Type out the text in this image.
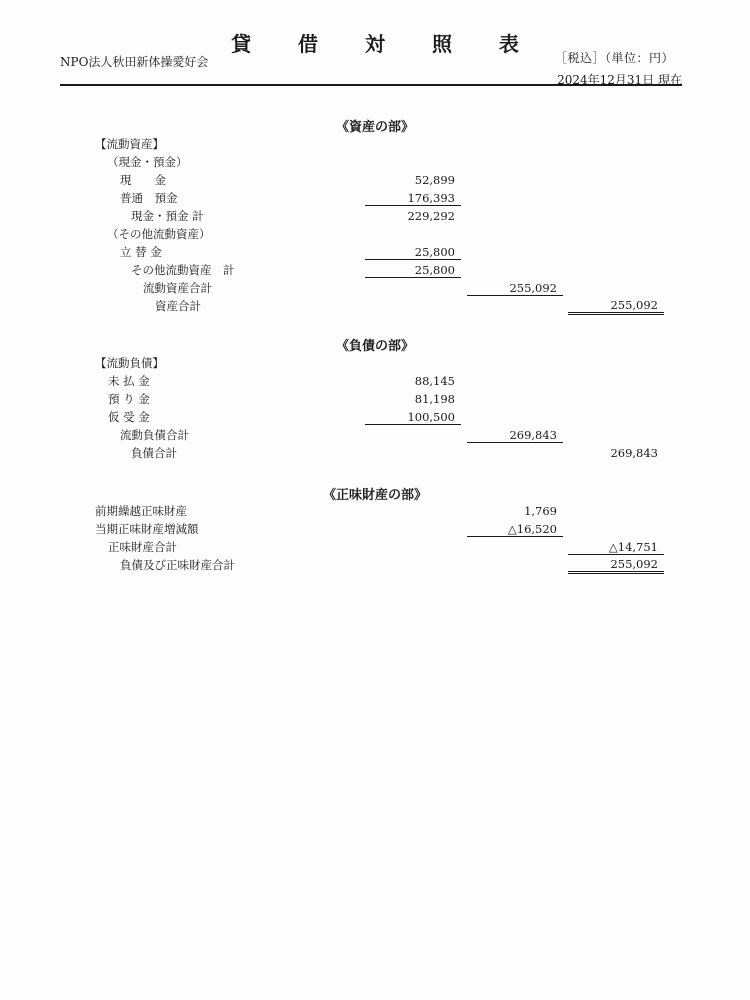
貸 借 対 照 表
NPO法人秋田新体操愛好会	［税込］（単位：円）
2024年12月31日 現在
《資産の部》
【流動資産】
（現金・預金）
現　　金	52,899
普通　預金	176,393
現金・預金 計	229,292
（その他流動資産）
立 替 金	25,800
その他流動資産　計	25,800
流動資産合計	255,092
資産合計	255,092
《負債の部》
【流動負債】
未 払 金	88,145
預 り 金	81,198
仮 受 金	100,500
流動負債合計	269,843
負債合計	269,843
《正味財産の部》
前期繰越正味財産	1,769
当期正味財産増減額	△16,520
正味財産合計	△14,751
負債及び正味財産合計	255,092
